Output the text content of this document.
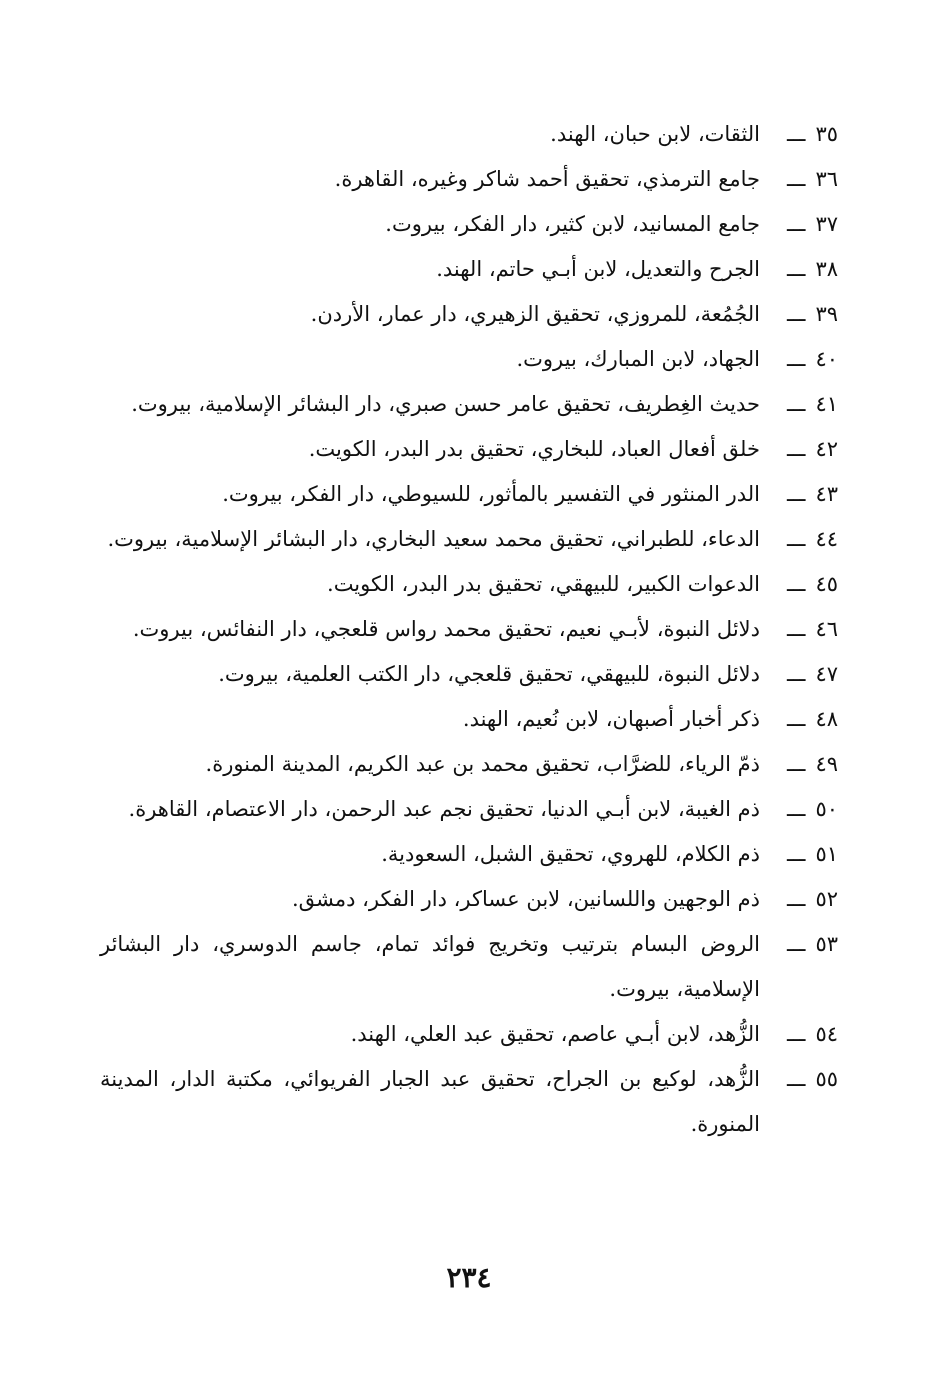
٣٥ـــ
الثقات، لابن حبان، الهند.
٣٦ـــ
جامع الترمذي، تحقيق أحمد شاكر وغيره، القاهرة.
٣٧ـــ
جامع المسانيد، لابن كثير، دار الفكر، بيروت.
٣٨ـــ
الجرح والتعديل، لابن أبـي حاتم، الهند.
٣٩ـــ
الجُمُعة، للمروزي، تحقيق الزهيري، دار عمار، الأردن.
٤٠ـــ
الجهاد، لابن المبارك، بيروت.
٤١ـــ
حديث الغِطريف، تحقيق عامر حسن صبري، دار البشائر الإسلامية، بيروت.
٤٢ـــ
خلق أفعال العباد، للبخاري، تحقيق بدر البدر، الكويت.
٤٣ـــ
الدر المنثور في التفسير بالمأثور، للسيوطي، دار الفكر، بيروت.
٤٤ـــ
الدعاء، للطبراني، تحقيق محمد سعيد البخاري، دار البشائر الإسلامية، بيروت.
٤٥ـــ
الدعوات الكبير، للبيهقي، تحقيق بدر البدر، الكويت.
٤٦ـــ
دلائل النبوة، لأبـي نعيم، تحقيق محمد رواس قلعجي، دار النفائس، بيروت.
٤٧ـــ
دلائل النبوة، للبيهقي، تحقيق قلعجي، دار الكتب العلمية، بيروت.
٤٨ـــ
ذكر أخبار أصبهان، لابن نُعيم، الهند.
٤٩ـــ
ذمّ الرياء، للضرَّاب، تحقيق محمد بن عبد الكريم، المدينة المنورة.
٥٠ـــ
ذم الغيبة، لابن أبـي الدنيا، تحقيق نجم عبد الرحمن، دار الاعتصام، القاهرة.
٥١ـــ
ذم الكلام، للهروي، تحقيق الشبل، السعودية.
٥٢ـــ
ذم الوجهين واللسانين، لابن عساكر، دار الفكر، دمشق.
٥٣ـــ
الروض البسام بترتيب وتخريج فوائد تمام، جاسم الدوسري، دار البشائر الإسلامية، بيروت.
٥٤ـــ
الزُّهد، لابن أبـي عاصم، تحقيق عبد العلي، الهند.
٥٥ـــ
الزُّهد، لوكيع بن الجراح، تحقيق عبد الجبار الفريوائي، مكتبة الدار، المدينة المنورة.
٢٣٤
